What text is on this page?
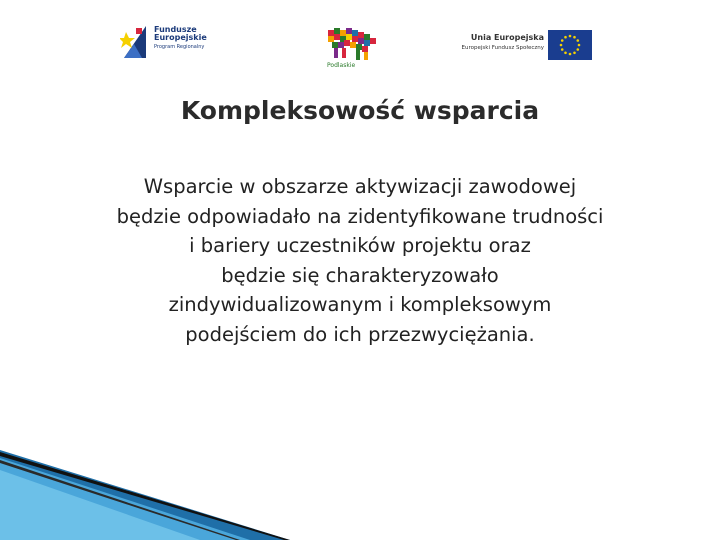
Fundusze
Europejskie
Program Regionalny
Podlaskie
Unia Europejska
Europejski Fundusz Społeczny
Kompleksowość wsparcia
Wsparcie w obszarze aktywizacji zawodowej
będzie odpowiadało na zidentyfikowane trudności
i bariery uczestników projektu oraz
będzie się charakteryzowało
zindywidualizowanym i kompleksowym
podejściem do ich przezwyciężania.
